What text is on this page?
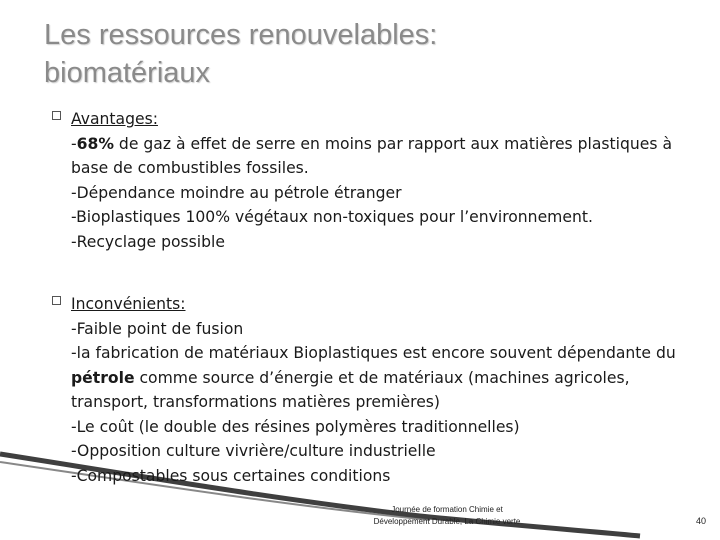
Les ressources renouvelables:
biomatériaux
Avantages:
-68% de gaz à effet de serre en moins par rapport aux matières plastiques à base de combustibles fossiles.
-Dépendance moindre au pétrole étranger
-Bioplastiques 100% végétaux non-toxiques pour l’environnement.
-Recyclage possible
Inconvénients:
-Faible point de fusion
-la fabrication de matériaux Bioplastiques est encore souvent dépendante du pétrole comme source d’énergie et de matériaux (machines agricoles, transport, transformations matières premières)
-Le coût (le double des résines polymères traditionnelles)
-Opposition culture vivrière/culture industrielle
-Compostables sous certaines conditions
Journée de formation Chimie et
Développement Durable, La Chimie verte	40
